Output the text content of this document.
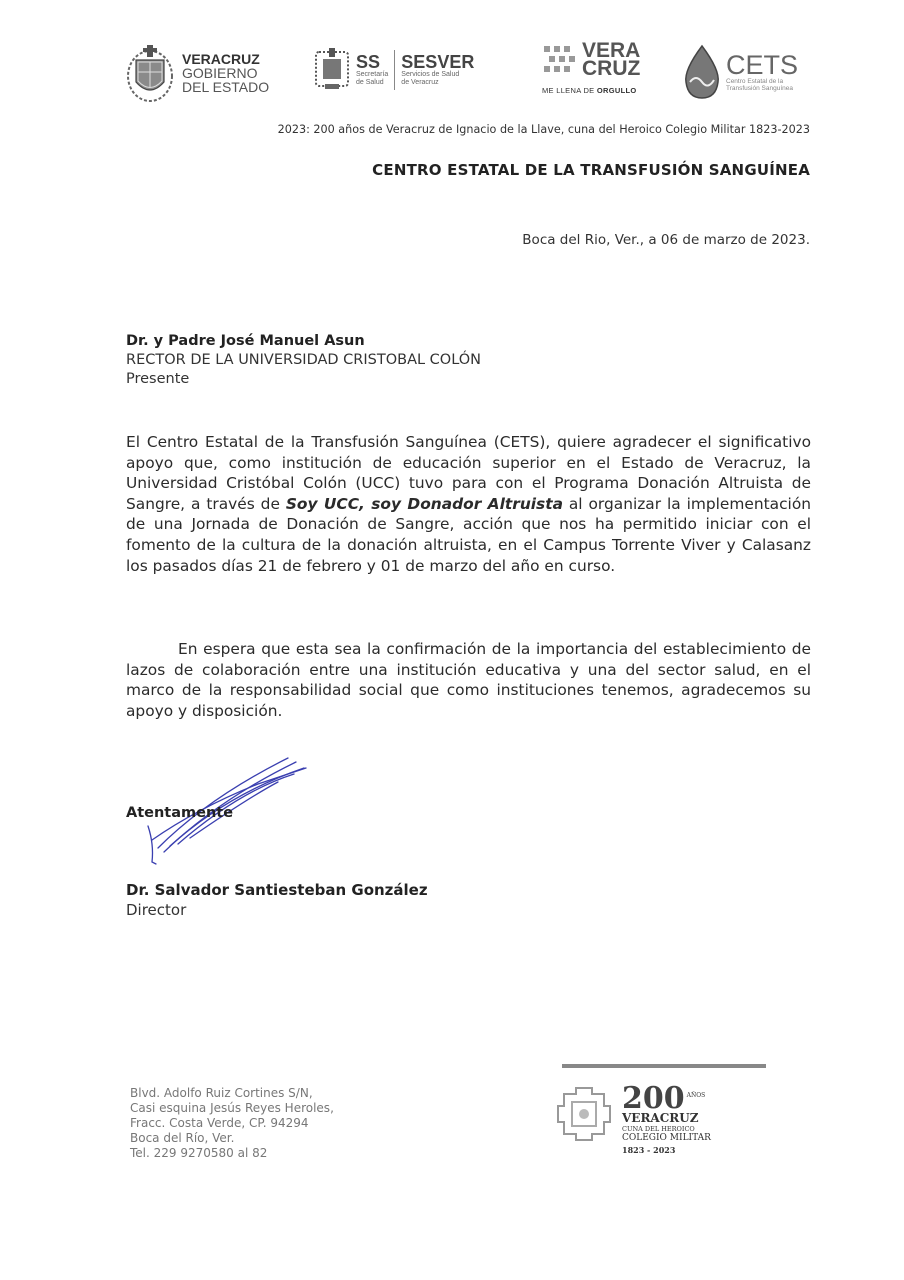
VERACRUZ
GOBIERNO
DEL ESTADO
SS
Secretaría
de Salud
SESVER
Servicios de Salud
de Veracruz
VERA
CRUZ
ME LLENA DE ORGULLO
CETS
Centro Estatal de la
Transfusión Sanguínea
2023: 200 años de Veracruz de Ignacio de la Llave, cuna del Heroico Colegio Militar 1823-2023
CENTRO ESTATAL DE LA TRANSFUSIÓN SANGUÍNEA
Boca del Rio, Ver., a 06 de marzo de 2023.
Dr. y Padre José Manuel Asun
RECTOR DE LA UNIVERSIDAD CRISTOBAL COLÓN
Presente
El Centro Estatal de la Transfusión Sanguínea (CETS), quiere agradecer el significativo apoyo que, como institución de educación superior en el Estado de Veracruz, la Universidad Cristóbal Colón (UCC) tuvo para con el Programa Donación Altruista de Sangre, a través de Soy UCC, soy Donador Altruista al organizar la implementación de una Jornada de Donación de Sangre, acción que nos ha permitido iniciar con el fomento de la cultura de la donación altruista, en el Campus Torrente Viver y Calasanz los pasados días 21 de febrero y 01 de marzo del año en curso.
En espera que esta sea la confirmación de la importancia del establecimiento de lazos de colaboración entre una institución educativa y una del sector salud, en el marco de la responsabilidad social que como instituciones tenemos, agradecemos su apoyo y disposición.
Atentamente
Dr. Salvador Santiesteban González
Director
Blvd. Adolfo Ruiz Cortines S/N,
Casi esquina Jesús Reyes Heroles,
Fracc. Costa Verde, CP. 94294
Boca del Río, Ver.
Tel. 229 9270580 al 82
200 AÑOS
VERACRUZ
CUNA DEL HEROICO
COLEGIO MILITAR
1823 - 2023
